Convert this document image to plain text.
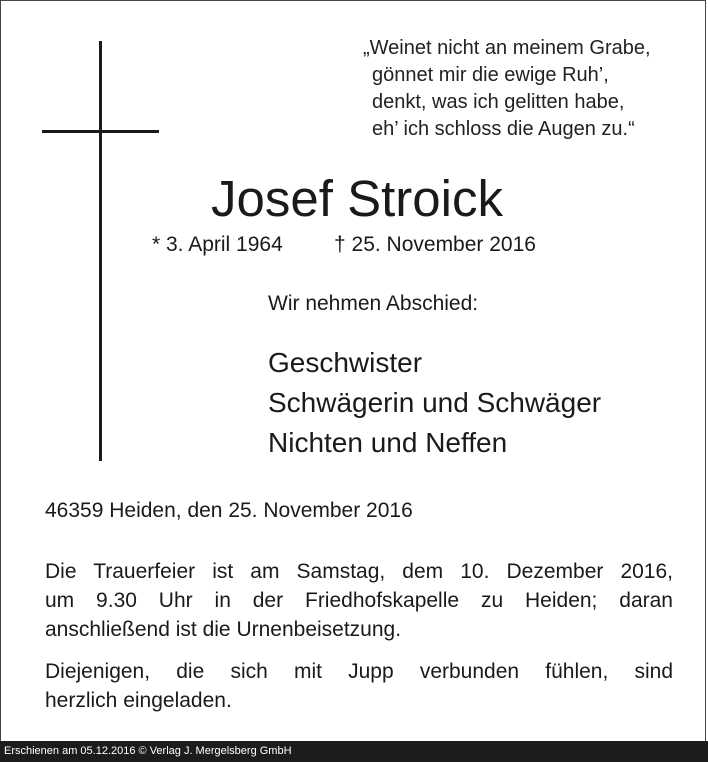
„Weinet nicht an meinem Grabe,
gönnet mir die ewige Ruh’,
denkt, was ich gelitten habe,
eh’ ich schloss die Augen zu.“
Josef Stroick
* 3. April 1964 † 25. November 2016
Wir nehmen Abschied:
Geschwister
Schwägerin und Schwäger
Nichten und Neffen
46359 Heiden, den 25. November 2016
Die Trauerfeier ist am Samstag, dem 10. Dezember 2016,
um 9.30 Uhr in der Friedhofskapelle zu Heiden; daran
anschließend ist die Urnenbeisetzung.
Diejenigen, die sich mit Jupp verbunden fühlen, sind
herzlich eingeladen.
Erschienen am 05.12.2016 © Verlag J. Mergelsberg GmbH
